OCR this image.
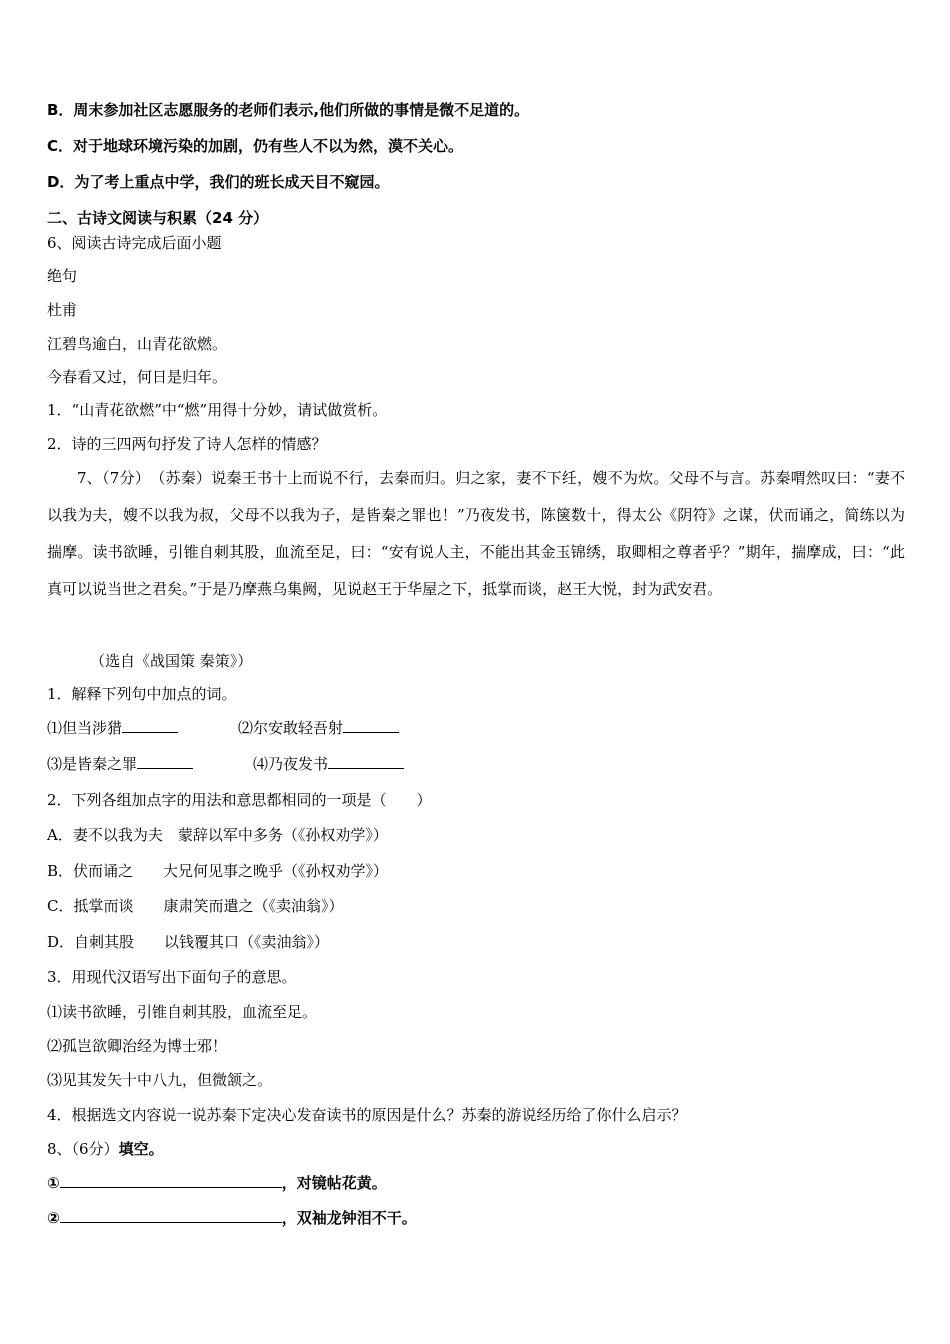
B．周末参加社区志愿服务的老师们表示,他们所做的事情是微不足道的。
C．对于地球环境污染的加剧，仍有些人不以为然，漠不关心。
D．为了考上重点中学，我们的班长成天目不窥园。
二、古诗文阅读与积累（24 分）
6、阅读古诗完成后面小题
绝句
杜甫
江碧鸟逾白，山青花欲燃。
今春看又过，何日是归年。
1．“山青花欲燃”中“燃”用得十分妙，请试做赏析。
2．诗的三四两句抒发了诗人怎样的情感？
7、（7分）　（苏秦）说秦王书十上而说不行，去秦而归。归之家，妻不下纴，嫂不为炊。父母不与言。苏秦喟然叹曰：“妻不以我为夫，嫂不以我为叔，父母不以我为子，是皆秦之罪也！”乃夜发书，陈箧数十，得太公《阴符》之谋，伏而诵之，简练以为揣摩。读书欲睡，引锥自刺其股，血流至足，曰：“安有说人主，不能出其金玉锦绣，取卿相之尊者乎？”期年，揣摩成，曰：“此真可以说当世之君矣。”于是乃摩燕乌集阙，见说赵王于华屋之下，抵掌而谈，赵王大悦，封为武安君。
（选自《战国策 秦策》）
1．解释下列句中加点的词。
⑴但当涉猎	⑵尔安敢轻吾射
⑶是皆秦之罪	⑷乃夜发书
2．下列各组加点字的用法和意思都相同的一项是（　　）
A．妻不以我为夫　蒙辞以军中多务（《孙权劝学》）
B．伏而诵之　　大兄何见事之晚乎（《孙权劝学》）
C．抵掌而谈　　康肃笑而遣之（《卖油翁》）
D．自刺其股　　以钱覆其口（《卖油翁》）
3．用现代汉语写出下面句子的意思。
⑴读书欲睡，引锥自刺其股，血流至足。
⑵孤岂欲卿治经为博士邪！
⑶见其发矢十中八九，但微颔之。
4．根据选文内容说一说苏秦下定决心发奋读书的原因是什么？苏秦的游说经历给了你什么启示？
8、（6分）填空。
①	，对镜帖花黄。
②	，双袖龙钟泪不干。
